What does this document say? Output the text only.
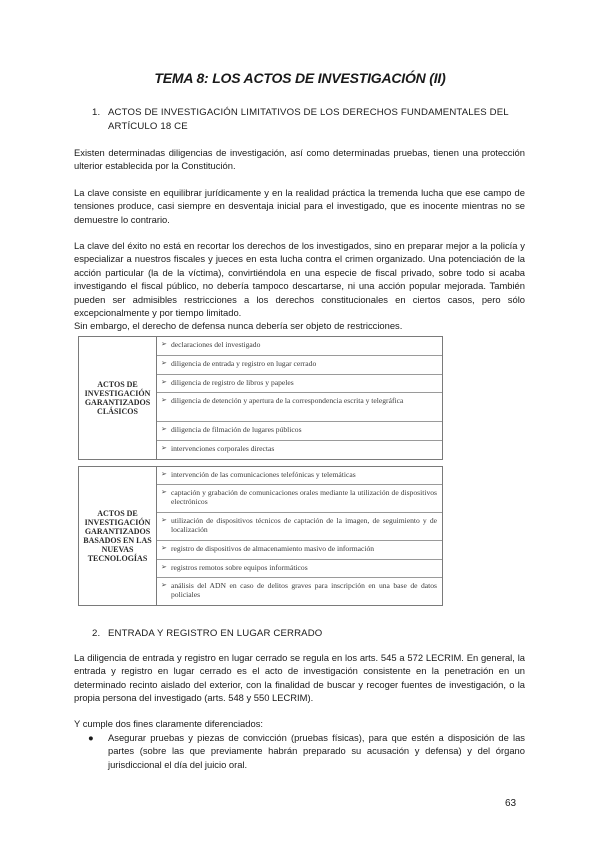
TEMA 8: LOS ACTOS DE INVESTIGACIÓN (II)
1. ACTOS DE INVESTIGACIÓN LIMITATIVOS DE LOS DERECHOS FUNDAMENTALES DEL ARTÍCULO 18 CE

Existen determinadas diligencias de investigación, así como determinadas pruebas, tienen una protección ulterior establecida por la Constitución.

La clave consiste en equilibrar jurídicamente y en la realidad práctica la tremenda lucha que ese campo de tensiones produce, casi siempre en desventaja inicial para el investigado, que es inocente mientras no se demuestre lo contrario.

La clave del éxito no está en recortar los derechos de los investigados, sino en preparar mejor a la policía y especializar a nuestros fiscales y jueces en esta lucha contra el crimen organizado. Una potenciación de la acción particular (la de la víctima), convirtiéndola en una especie de fiscal privado, sobre todo si acaba investigando el fiscal público, no debería tampoco descartarse, ni una acción popular mejorada. También pueden ser admisibles restricciones a los derechos constitucionales en ciertos casos, pero sólo excepcionalmente y por tiempo limitado.

Sin embargo, el derecho de defensa nunca debería ser objeto de restricciones.

ACTOS DE INVESTIGACIÓN GARANTIZADOS CLÁSICOS
➢ declaraciones del investigado
➢ diligencia de entrada y registro en lugar cerrado
➢ diligencia de registro de libros y papeles
➢ diligencia de detención y apertura de la correspondencia escrita y telegráfica
➢ diligencia de filmación de lugares públicos
➢ intervenciones corporales directas
ACTOS DE INVESTIGACIÓN GARANTIZADOS BASADOS EN LAS NUEVAS TECNOLOGÍAS
➢ intervención de las comunicaciones telefónicas y telemáticas
➢ captación y grabación de comunicaciones orales mediante la utilización de dispositivos electrónicos
➢ utilización de dispositivos técnicos de captación de la imagen, de seguimiento y de localización
➢ registro de dispositivos de almacenamiento masivo de información
➢ registros remotos sobre equipos informáticos
➢ análisis del ADN en caso de delitos graves para inscripción en una base de datos policiales
2. ENTRADA Y REGISTRO EN LUGAR CERRADO

La diligencia de entrada y registro en lugar cerrado se regula en los arts. 545 a 572 LECRIM. En general, la entrada y registro en lugar cerrado es el acto de investigación consistente en la penetración en un determinado recinto aislado del exterior, con la finalidad de buscar y recoger fuentes de investigación, o la propia persona del investigado (arts. 548 y 550 LECRIM).

Y cumple dos fines claramente diferenciados:

● Asegurar pruebas y piezas de convicción (pruebas físicas), para que estén a disposición de las partes (sobre las que previamente habrán preparado su acusación y defensa) y del órgano jurisdiccional el día del juicio oral.
63
